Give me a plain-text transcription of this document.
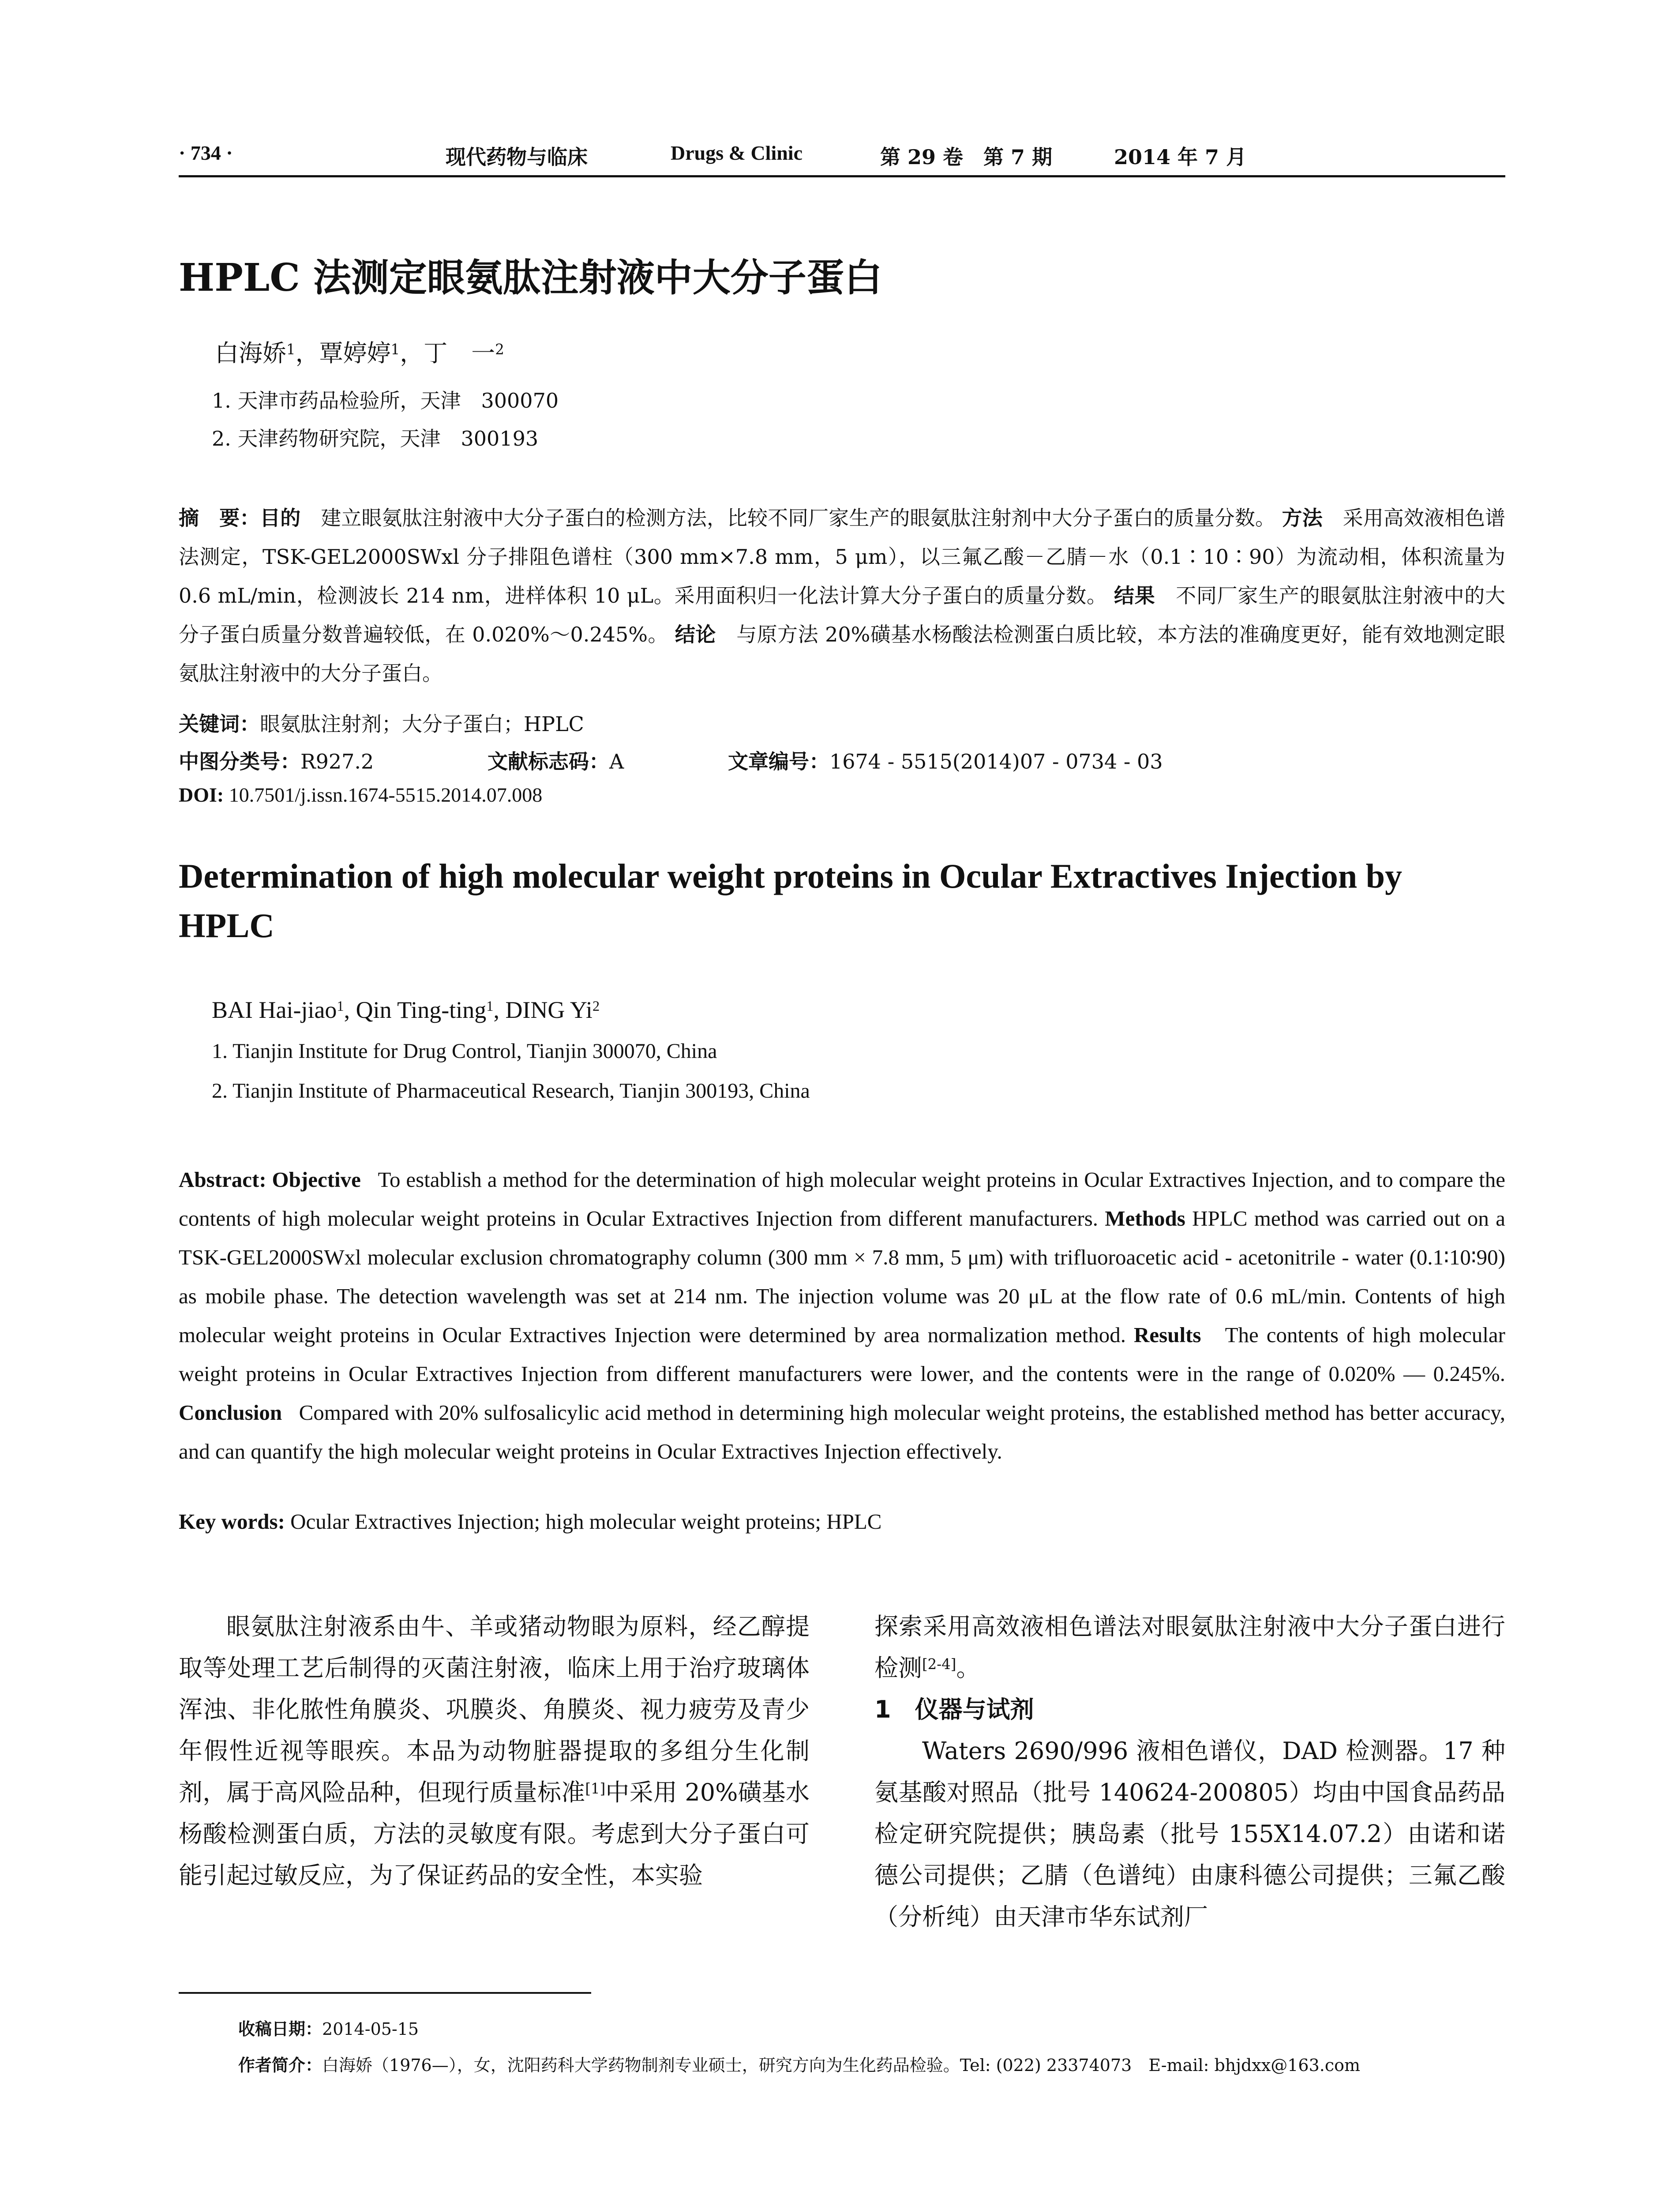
· 734 ·	现代药物与临床	Drugs & Clinic	第 29 卷　第 7 期	2014 年 7 月
HPLC 法测定眼氨肽注射液中大分子蛋白
白海娇$^1$，覃婷婷$^1$，丁　一$^2$
1. 天津市药品检验所，天津　300070
2. 天津药物研究院，天津　300193
摘　要：目的　 建立眼氨肽注射液中大分子蛋白的检测方法，比较不同厂家生产的眼氨肽注射剂中大分子蛋白的质量分数。 方法　 采用高效液相色谱法测定，TSK-GEL2000SWxl 分子排阻色谱柱（300 mm×7.8 mm，5 μm），以三氟乙酸－乙腈－水（0.1∶10∶90）为流动相，体积流量为 0.6 mL/min，检测波长 214 nm，进样体积 10 μL。采用面积归一化法计算大分子蛋白的质量分数。 结果　 不同厂家生产的眼氨肽注射液中的大分子蛋白质量分数普遍较低，在 0.020%～0.245%。 结论　 与原方法 20%磺基水杨酸法检测蛋白质比较，本方法的准确度更好，能有效地测定眼氨肽注射液中的大分子蛋白。
关键词：眼氨肽注射剂；大分子蛋白；HPLC
中图分类号：R927.2	文献标志码：A	文章编号：1674 - 5515(2014)07 - 0734 - 03
DOI: 10.7501/j.issn.1674-5515.2014.07.008
Determination of high molecular weight proteins in Ocular Extractives Injection by HPLC
BAI Hai-jiao$^1$, Qin Ting-ting$^1$, DING Yi$^2$
1. Tianjin Institute for Drug Control, Tianjin 300070, China
2. Tianjin Institute of Pharmaceutical Research, Tianjin 300193, China
Abstract: Objective To establish a method for the determination of high molecular weight proteins in Ocular Extractives Injection, and to compare the contents of high molecular weight proteins in Ocular Extractives Injection from different manufacturers. Methods HPLC method was carried out on a TSK-GEL2000SWxl molecular exclusion chromatography column (300 mm × 7.8 mm, 5 μm) with trifluoroacetic acid - acetonitrile - water (0.1∶10∶90) as mobile phase. The detection wavelength was set at 214 nm. The injection volume was 20 μL at the flow rate of 0.6 mL/min. Contents of high molecular weight proteins in Ocular Extractives Injection were determined by area normalization method. Results The contents of high molecular weight proteins in Ocular Extractives Injection from different manufacturers were lower, and the contents were in the range of 0.020% — 0.245%. Conclusion Compared with 20% sulfosalicylic acid method in determining high molecular weight proteins, the established method has better accuracy, and can quantify the high molecular weight proteins in Ocular Extractives Injection effectively.
Key words: Ocular Extractives Injection; high molecular weight proteins; HPLC

眼氨肽注射液系由牛、羊或猪动物眼为原料，经乙醇提取等处理工艺后制得的灭菌注射液，临床上用于治疗玻璃体浑浊、非化脓性角膜炎、巩膜炎、角膜炎、视力疲劳及青少年假性近视等眼疾。本品为动物脏器提取的多组分生化制剂，属于高风险品种，但现行质量标准[1]中采用 20%磺基水杨酸检测蛋白质，方法的灵敏度有限。考虑到大分子蛋白可能引起过敏反应，为了保证药品的安全性，本实验

探索采用高效液相色谱法对眼氨肽注射液中大分子蛋白进行检测[2-4]。

1　仪器与试剂

Waters 2690/996 液相色谱仪，DAD 检测器。17 种氨基酸对照品（批号 140624-200805）均由中国食品药品检定研究院提供；胰岛素（批号 155X14.07.2）由诺和诺德公司提供；乙腈（色谱纯）由康科德公司提供；三氟乙酸（分析纯）由天津市华东试剂厂

收稿日期：2014-05-15
作者简介：白海娇（1976—），女，沈阳药科大学药物制剂专业硕士，研究方向为生化药品检验。Tel: (022) 23374073　E-mail: bhjdxx@163.com
